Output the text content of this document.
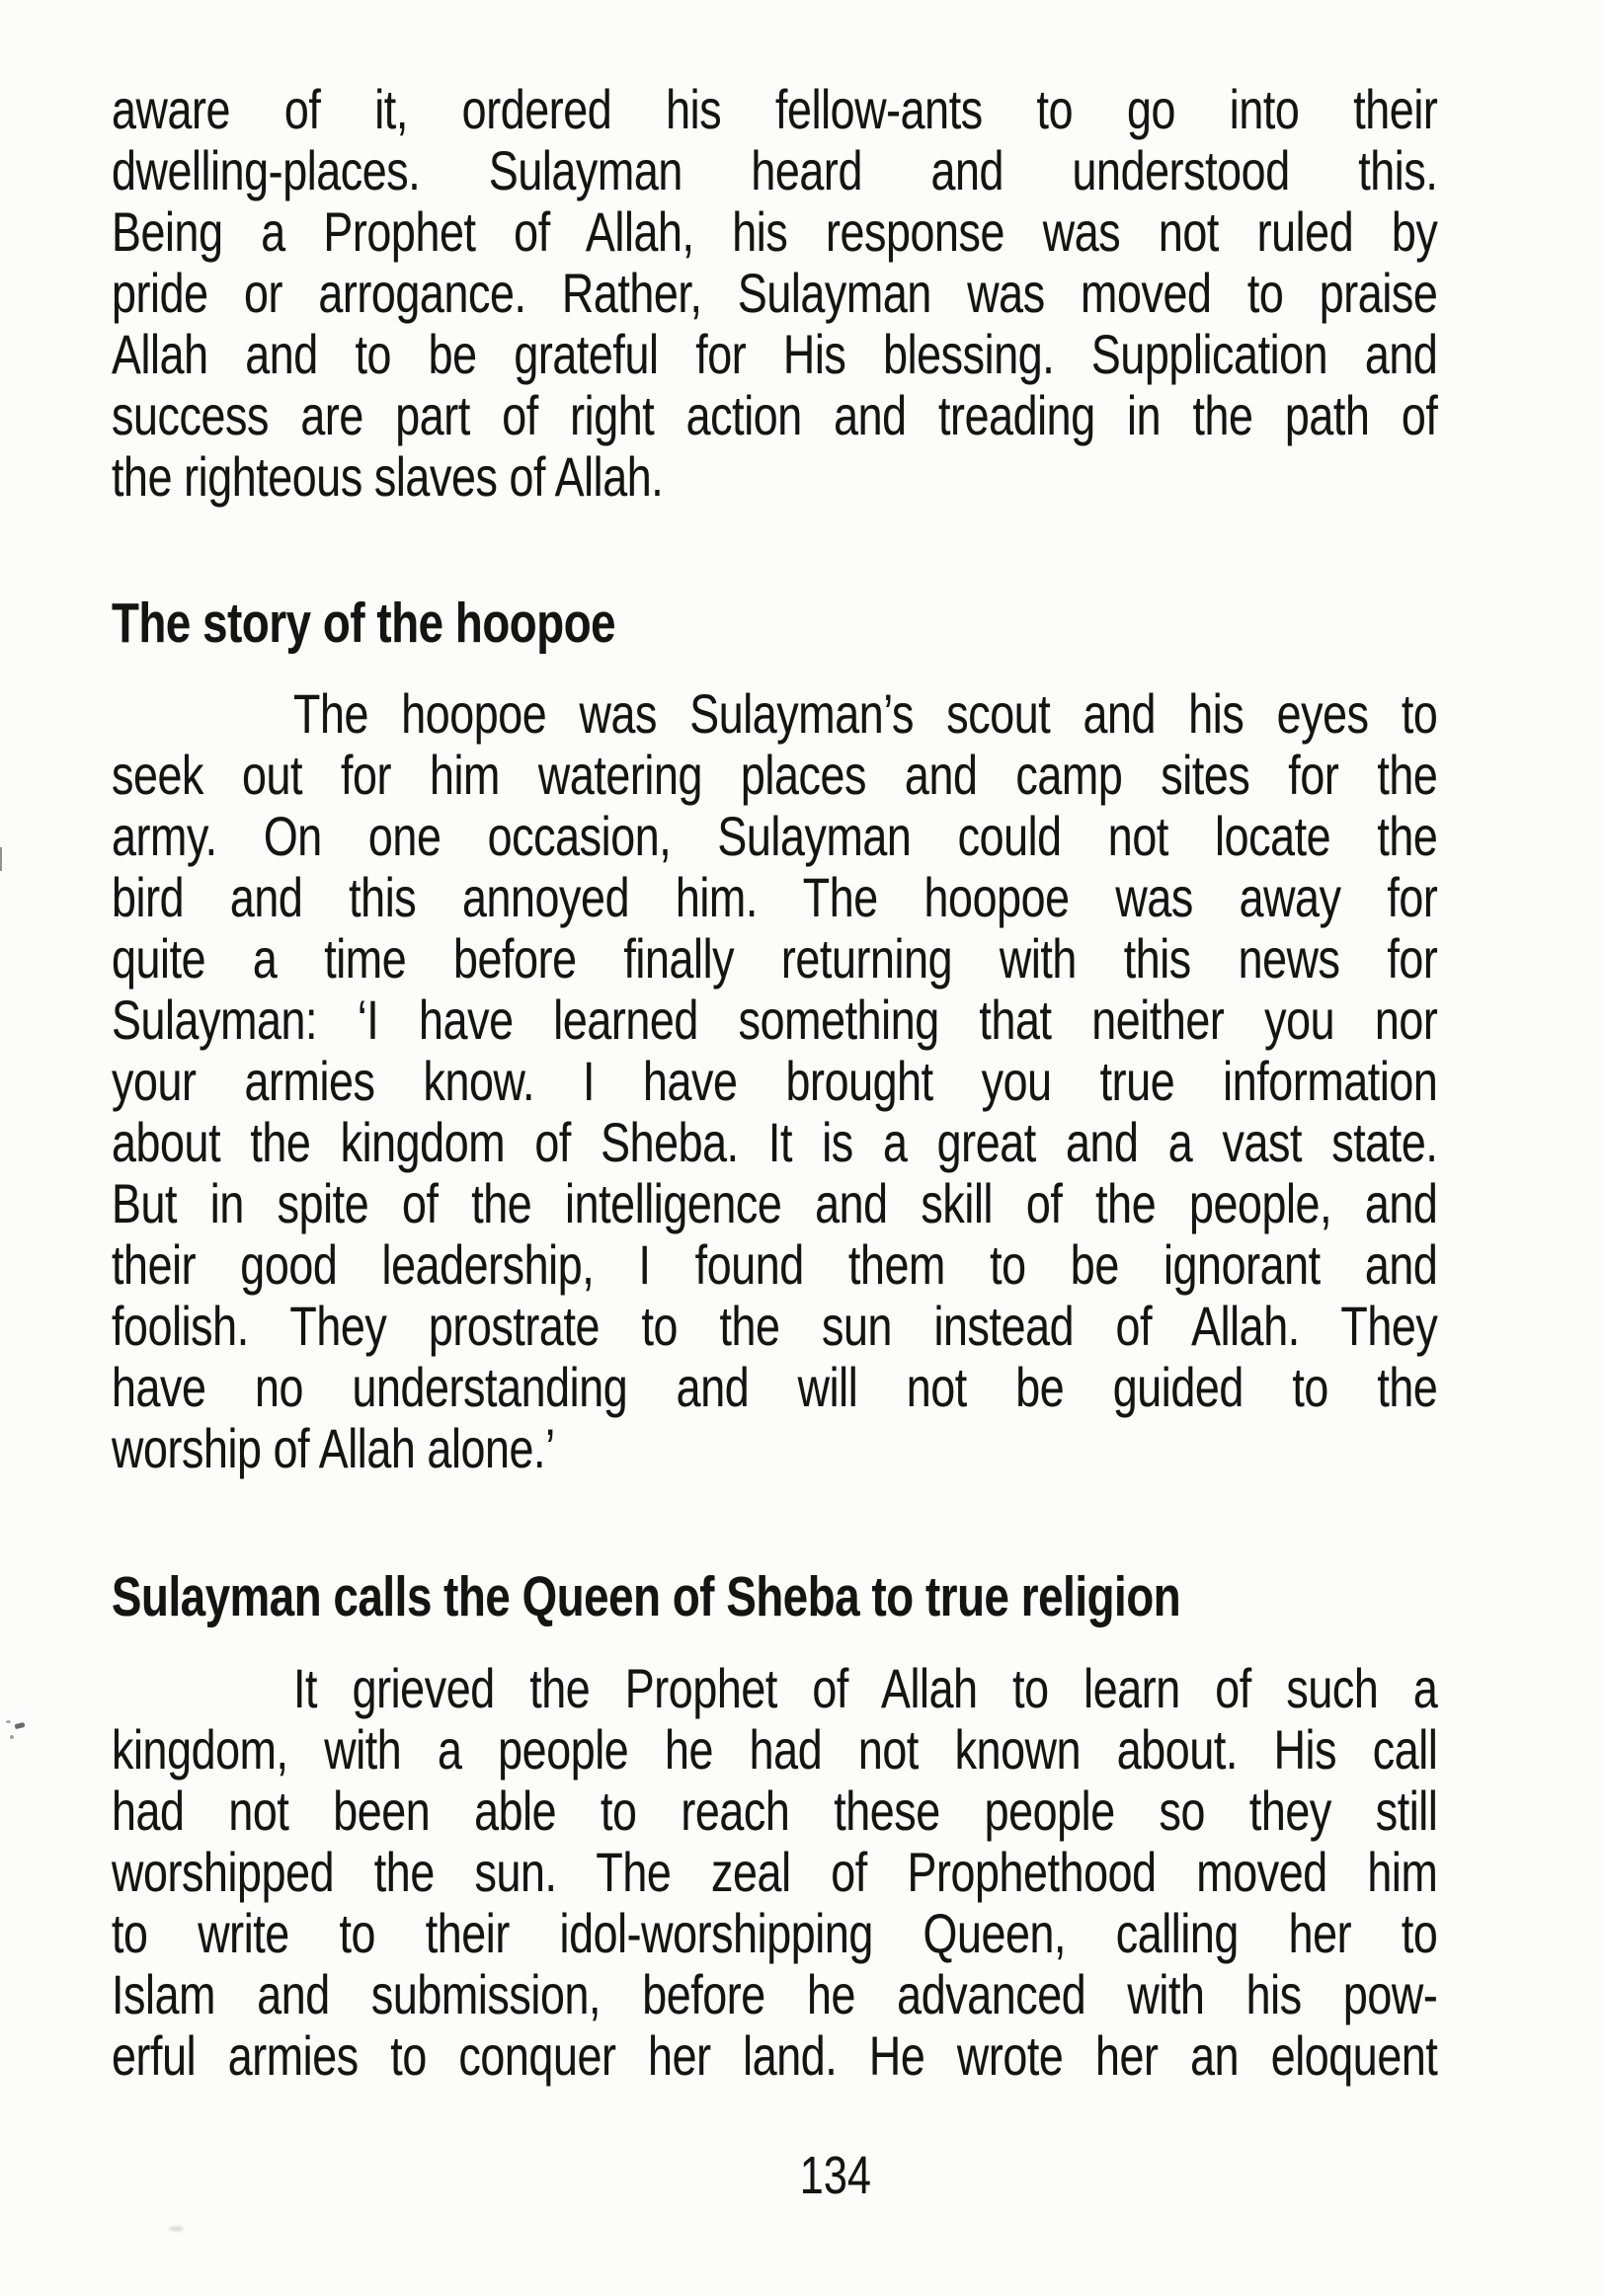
aware of it, ordered his fellow-ants to go into their
dwelling-places. Sulayman heard and understood this.
Being a Prophet of Allah, his response was not ruled by
pride or arrogance. Rather, Sulayman was moved to praise
Allah and to be grateful for His blessing. Supplication and
success are part of right action and treading in the path of
the righteous slaves of Allah.
The story of the hoopoe
The hoopoe was Sulayman’s scout and his eyes to
seek out for him watering places and camp sites for the
army. On one occasion, Sulayman could not locate the
bird and this annoyed him. The hoopoe was away for
quite a time before finally returning with this news for
Sulayman: ‘I have learned something that neither you nor
your armies know. I have brought you true information
about the kingdom of Sheba. It is a great and a vast state.
But in spite of the intelligence and skill of the people, and
their good leadership, I found them to be ignorant and
foolish. They prostrate to the sun instead of Allah. They
have no understanding and will not be guided to the
worship of Allah alone.’
Sulayman calls the Queen of Sheba to true religion
It grieved the Prophet of Allah to learn of such a
kingdom, with a people he had not known about. His call
had not been able to reach these people so they still
worshipped the sun. The zeal of Prophethood moved him
to write to their idol-worshipping Queen, calling her to
Islam and submission, before he advanced with his pow-
erful armies to conquer her land. He wrote her an eloquent
134
